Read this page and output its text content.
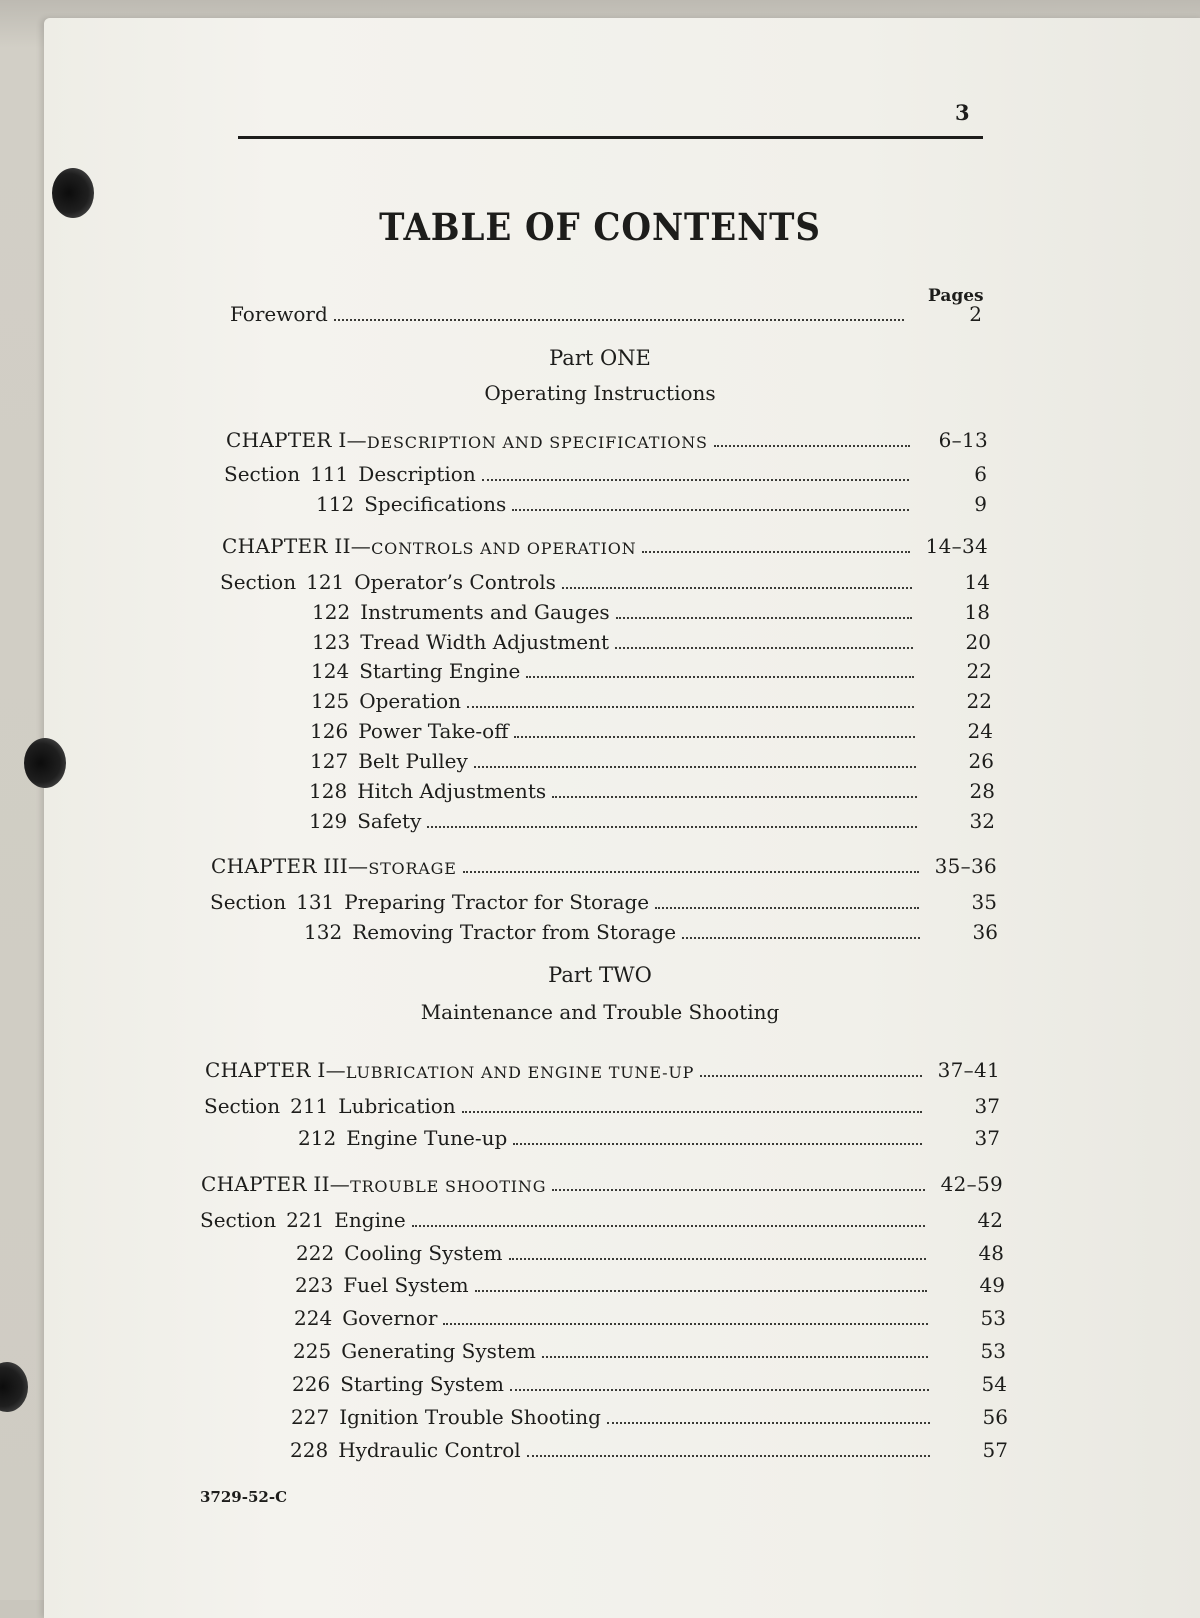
3
TABLE OF CONTENTS
Pages
Foreword	2
Part ONE
Operating Instructions
CHAPTER I— DESCRIPTION AND SPECIFICATIONS	6–13
Section 111 Description	6
112 Specifications	9
CHAPTER II— CONTROLS AND OPERATION	14–34
Section 121 Operator’s Controls	14
122 Instruments and Gauges	18
123 Tread Width Adjustment	20
124 Starting Engine	22
125 Operation	22
126 Power Take-off	24
127 Belt Pulley	26
128 Hitch Adjustments	28
129 Safety	32
CHAPTER III— STORAGE	35–36
Section 131 Preparing Tractor for Storage	35
132 Removing Tractor from Storage	36
Part TWO
Maintenance and Trouble Shooting
CHAPTER I— LUBRICATION AND ENGINE TUNE-UP	37–41
Section 211 Lubrication	37
212 Engine Tune-up	37
CHAPTER II— TROUBLE SHOOTING	42–59
Section 221 Engine	42
222 Cooling System	48
223 Fuel System	49
224 Governor	53
225 Generating System	53
226 Starting System	54
227 Ignition Trouble Shooting	56
228 Hydraulic Control	57
3729-52-C
